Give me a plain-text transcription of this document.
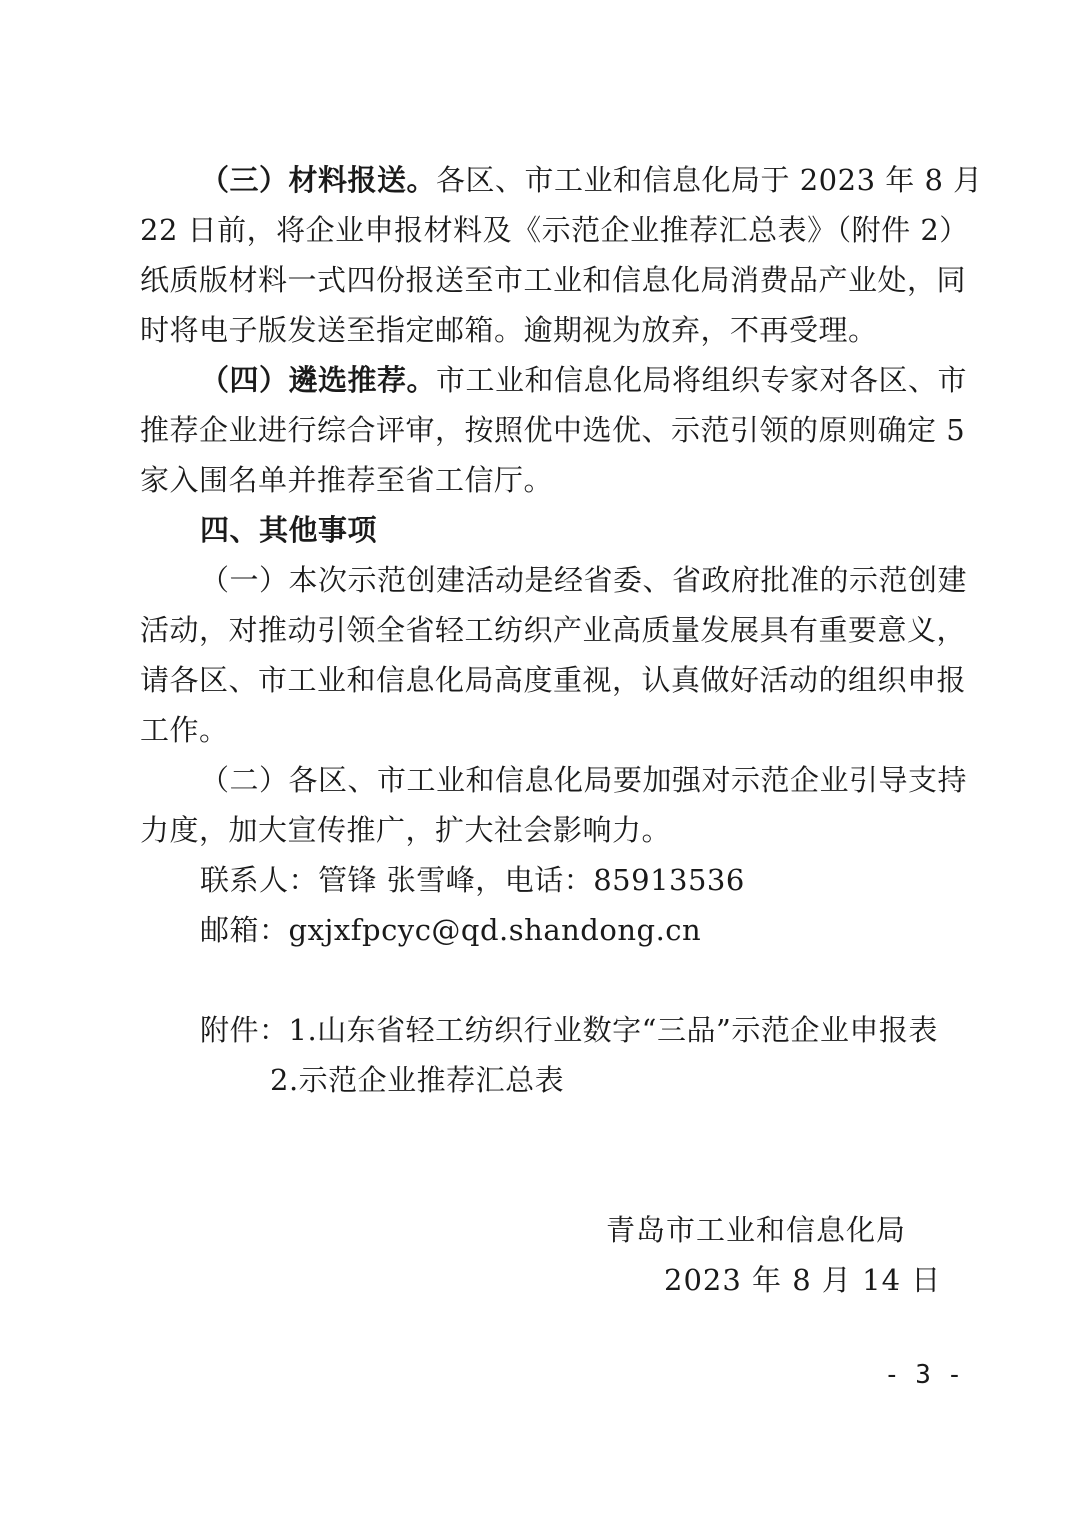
（三）材料报送。各区、市工业和信息化局于 2023 年 8 月
22 日前，将企业申报材料及《示范企业推荐汇总表》（附件 2）
纸质版材料一式四份报送至市工业和信息化局消费品产业处，同
时将电子版发送至指定邮箱。逾期视为放弃，不再受理。
（四）遴选推荐。市工业和信息化局将组织专家对各区、市
推荐企业进行综合评审，按照优中选优、示范引领的原则确定 5
家入围名单并推荐至省工信厅。
四、其他事项
（一）本次示范创建活动是经省委、省政府批准的示范创建
活动，对推动引领全省轻工纺织产业高质量发展具有重要意义，
请各区、市工业和信息化局高度重视，认真做好活动的组织申报
工作。
（二）各区、市工业和信息化局要加强对示范企业引导支持
力度，加大宣传推广，扩大社会影响力。
联系人：管锋 张雪峰，电话：85913536
邮箱：gxjxfpcyc@qd.shandong.cn
附件：1.山东省轻工纺织行业数字“三品”示范企业申报表
2.示范企业推荐汇总表
青岛市工业和信息化局
2023 年 8 月 14 日
- 3 -
